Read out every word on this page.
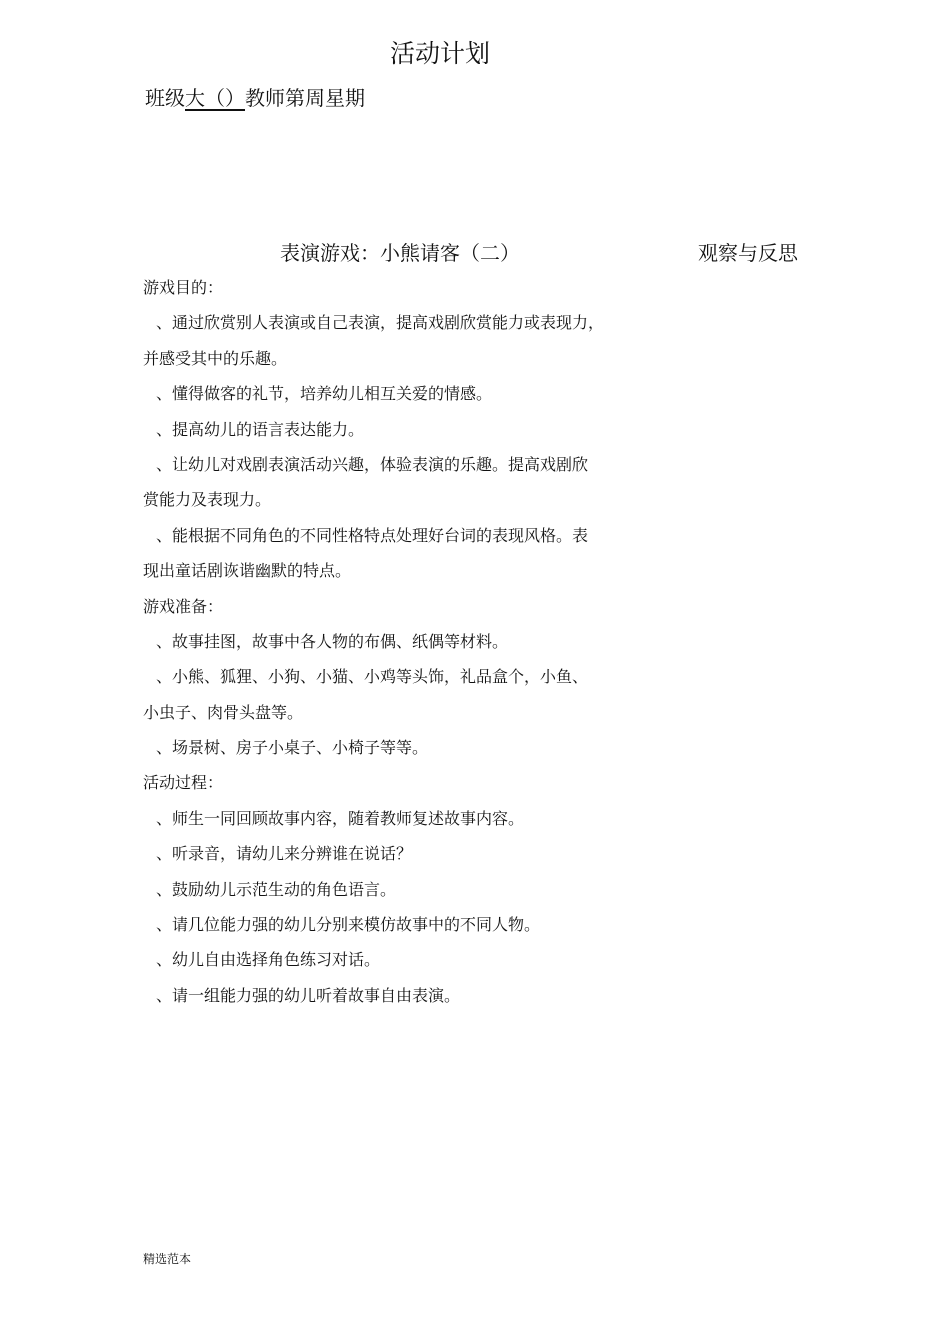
活动计划
班级大（）教师第周星期
表演游戏：小熊请客（二）	观察与反思
游戏目的：
、通过欣赏别人表演或自己表演，提高戏剧欣赏能力或表现力，
并感受其中的乐趣。
、懂得做客的礼节，培养幼儿相互关爱的情感。
、提高幼儿的语言表达能力。
、让幼儿对戏剧表演活动兴趣，体验表演的乐趣。提高戏剧欣
赏能力及表现力。
、能根据不同角色的不同性格特点处理好台词的表现风格。表
现出童话剧诙谐幽默的特点。
游戏准备：
、故事挂图，故事中各人物的布偶、纸偶等材料。
、小熊、狐狸、小狗、小猫、小鸡等头饰，礼品盒个，小鱼、
小虫子、肉骨头盘等。
、场景树、房子小桌子、小椅子等等。
活动过程：
、师生一同回顾故事内容，随着教师复述故事内容。
、听录音，请幼儿来分辨谁在说话？
、鼓励幼儿示范生动的角色语言。
、请几位能力强的幼儿分别来模仿故事中的不同人物。
、幼儿自由选择角色练习对话。
、请一组能力强的幼儿听着故事自由表演。
精选范本
